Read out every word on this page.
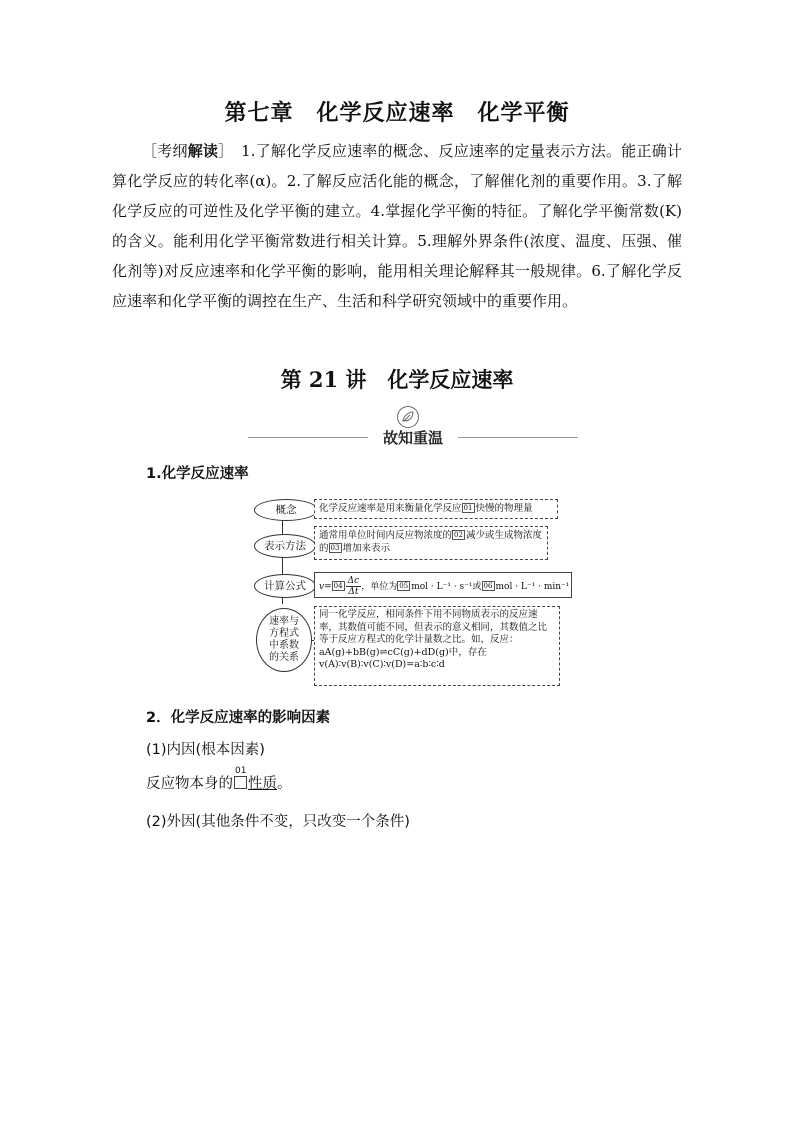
第七章　化学反应速率　化学平衡
［考纲解读］　 1.了解化学反应速率的概念、反应速率的定量表示方法。能正确计算化学反应的转化率(α)。2.了解反应活化能的概念，了解催化剂的重要作用。3.了解化学反应的可逆性及化学平衡的建立。4.掌握化学平衡的特征。了解化学平衡常数(K)的含义。能利用化学平衡常数进行相关计算。5.理解外界条件(浓度、温度、压强、催化剂等)对反应速率和化学平衡的影响，能用相关理论解释其一般规律。6.了解化学反应速率和化学平衡的调控在生产、生活和科学研究领域中的重要作用。
第 21 讲　化学反应速率
故知重温
1.化学反应速率
概念	化学反应速率是用来衡量化学反应 01 快慢的物理量
表示方法
通常用单位时间内反应物浓度的 02 减少或生成物浓度的 03 增加来表示
计算公式	$v= 04 \frac{\Delta c}{\Delta t}$ ，单位为 05 mol · L⁻¹ · s⁻¹或 06 mol · L⁻¹ · min⁻¹
速率与方程式中系数的关系
同一化学反应，相同条件下用不同物质表示的反应速率，其数值可能不同，但表示的意义相同，其数值之比等于反应方程式的化学计量数之比。如，反应：aA(g)+bB(g)⇌cC(g)+dD(g)中，存在v(A)∶v(B)∶v(C)∶v(D)=a∶b∶c∶d
2．化学反应速率的影响因素
(1)内因(根本因素)
反应物本身的
01
性质。
(2)外因(其他条件不变，只改变一个条件)
